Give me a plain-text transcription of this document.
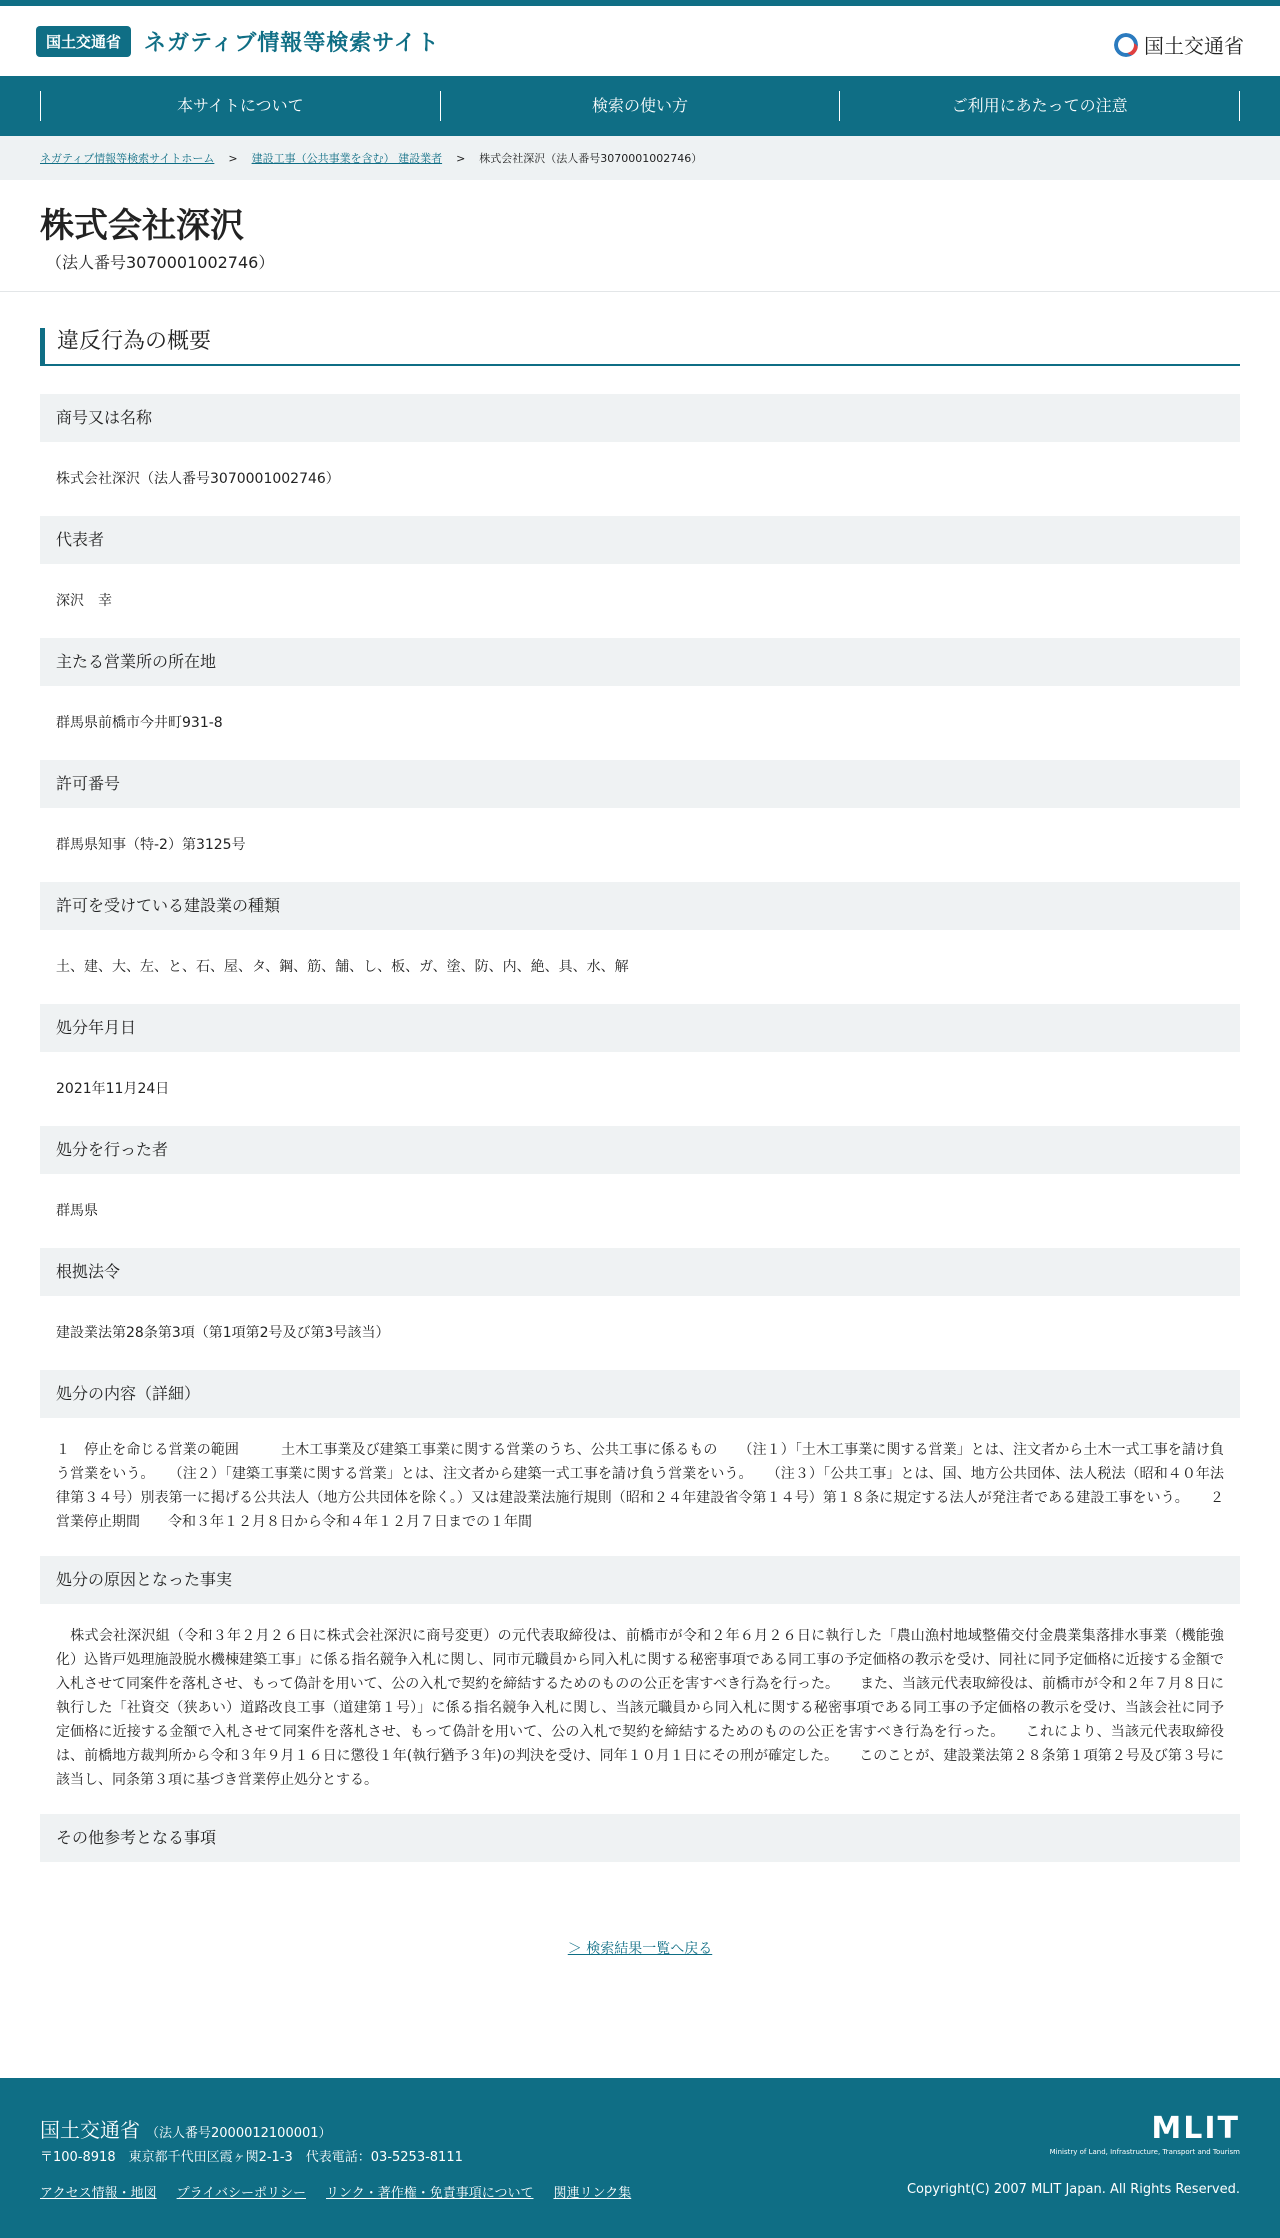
国土交通省	ネガティブ情報等検索サイト	国土交通省
本サイトについて	検索の使い方	ご利用にあたっての注意
ネガティブ情報等検索サイトホーム > 建設工事（公共事業を含む） 建設業者 > 株式会社深沢（法人番号3070001002746）
株式会社深沢
（法人番号3070001002746）
違反行為の概要
商号又は名称
株式会社深沢（法人番号3070001002746）
代表者
深沢　幸
主たる営業所の所在地
群馬県前橋市今井町931-8
許可番号
群馬県知事（特-2）第3125号
許可を受けている建設業の種類
土、建、大、左、と、石、屋、タ、鋼、筋、舗、し、板、ガ、塗、防、内、絶、具、水、解
処分年月日
2021年11月24日
処分を行った者
群馬県
根拠法令
建設業法第28条第3項（第1項第2号及び第3号該当）
処分の内容（詳細）
１　停止を命じる営業の範囲　　　土木工事業及び建築工事業に関する営業のうち、公共工事に係るもの　　（注１）「土木工事業に関する営業」とは、注文者から土木一式工事を請け負う営業をいう。　　（注２）「建築工事業に関する営業」とは、注文者から建築一式工事を請け負う営業をいう。　　（注３）「公共工事」とは、国、地方公共団体、法人税法（昭和４０年法律第３４号）別表第一に掲げる公共法人（地方公共団体を除く。）又は建設業法施行規則（昭和２４年建設省令第１４号）第１８条に規定する法人が発注者である建設工事をいう。　　２　営業停止期間　　令和３年１２月８日から令和４年１２月７日までの１年間
処分の原因となった事実
　株式会社深沢組（令和３年２月２６日に株式会社深沢に商号変更）の元代表取締役は、前橋市が令和２年６月２６日に執行した「農山漁村地域整備交付金農業集落排水事業（機能強化）込皆戸処理施設脱水機棟建築工事」に係る指名競争入札に関し、同市元職員から同入札に関する秘密事項である同工事の予定価格の教示を受け、同社に同予定価格に近接する金額で入札させて同案件を落札させ、もって偽計を用いて、公の入札で契約を締結するためのものの公正を害すべき行為を行った。　　また、当該元代表取締役は、前橋市が令和２年７月８日に執行した「社資交（狭あい）道路改良工事（道建第１号）」に係る指名競争入札に関し、当該元職員から同入札に関する秘密事項である同工事の予定価格の教示を受け、当該会社に同予定価格に近接する金額で入札させて同案件を落札させ、もって偽計を用いて、公の入札で契約を締結するためのものの公正を害すべき行為を行った。　　これにより、当該元代表取締役は、前橋地方裁判所から令和３年９月１６日に懲役１年(執行猶予３年)の判決を受け、同年１０月１日にその刑が確定した。　　このことが、建設業法第２８条第１項第２号及び第３号に該当し、同条第３項に基づき営業停止処分とする。
その他参考となる事項
＞ 検索結果一覧へ戻る
国土交通省 （法人番号2000012100001）
〒100-8918　東京都千代田区霞ヶ関2-1-3　代表電話：03-5253-8111
アクセス情報・地図 プライバシーポリシー リンク・著作権・免責事項について 関連リンク集
MLIT
Ministry of Land, Infrastructure, Transport and Tourism
Copyright(C) 2007 MLIT Japan. All Rights Reserved.
